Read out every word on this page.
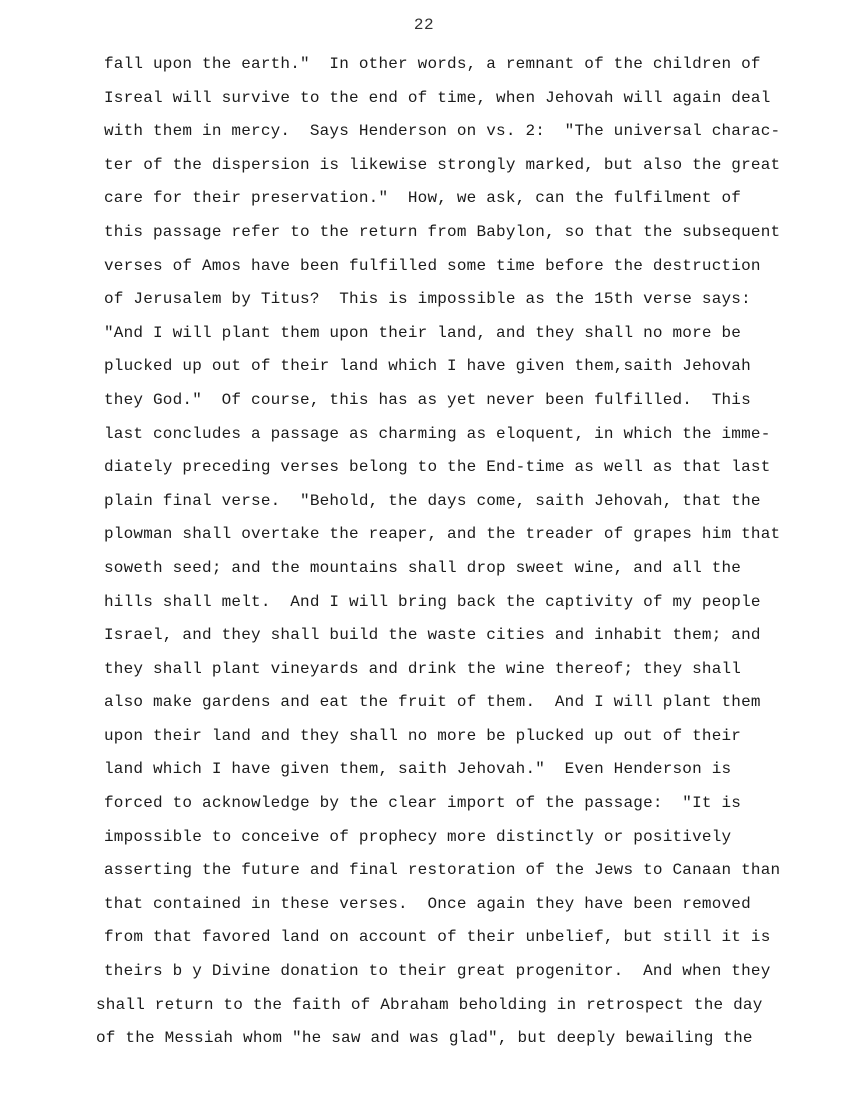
22
fall upon the earth."  In other words, a remnant of the children of
Isreal will survive to the end of time, when Jehovah will again deal
with them in mercy.  Says Henderson on vs. 2:  "The universal charac-
ter of the dispersion is likewise strongly marked, but also the great
care for their preservation."  How, we ask, can the fulfilment of
this passage refer to the return from Babylon, so that the subsequent
verses of Amos have been fulfilled some time before the destruction
of Jerusalem by Titus?  This is impossible as the 15th verse says:
"And I will plant them upon their land, and they shall no more be
plucked up out of their land which I have given them,saith Jehovah
they God."  Of course, this has as yet never been fulfilled.  This
last concludes a passage as charming as eloquent, in which the imme-
diately preceding verses belong to the End-time as well as that last
plain final verse.  "Behold, the days come, saith Jehovah, that the
plowman shall overtake the reaper, and the treader of grapes him that
soweth seed; and the mountains shall drop sweet wine, and all the
hills shall melt.  And I will bring back the captivity of my people
Israel, and they shall build the waste cities and inhabit them; and
they shall plant vineyards and drink the wine thereof; they shall
also make gardens and eat the fruit of them.  And I will plant them
upon their land and they shall no more be plucked up out of their
land which I have given them, saith Jehovah."  Even Henderson is
forced to acknowledge by the clear import of the passage:  "It is
impossible to conceive of prophecy more distinctly or positively
asserting the future and final restoration of the Jews to Canaan than
that contained in these verses.  Once again they have been removed
from that favored land on account of their unbelief, but still it is
theirs b y Divine donation to their great progenitor.  And when they
shall return to the faith of Abraham beholding in retrospect the day
of the Messiah whom "he saw and was glad", but deeply bewailing the
